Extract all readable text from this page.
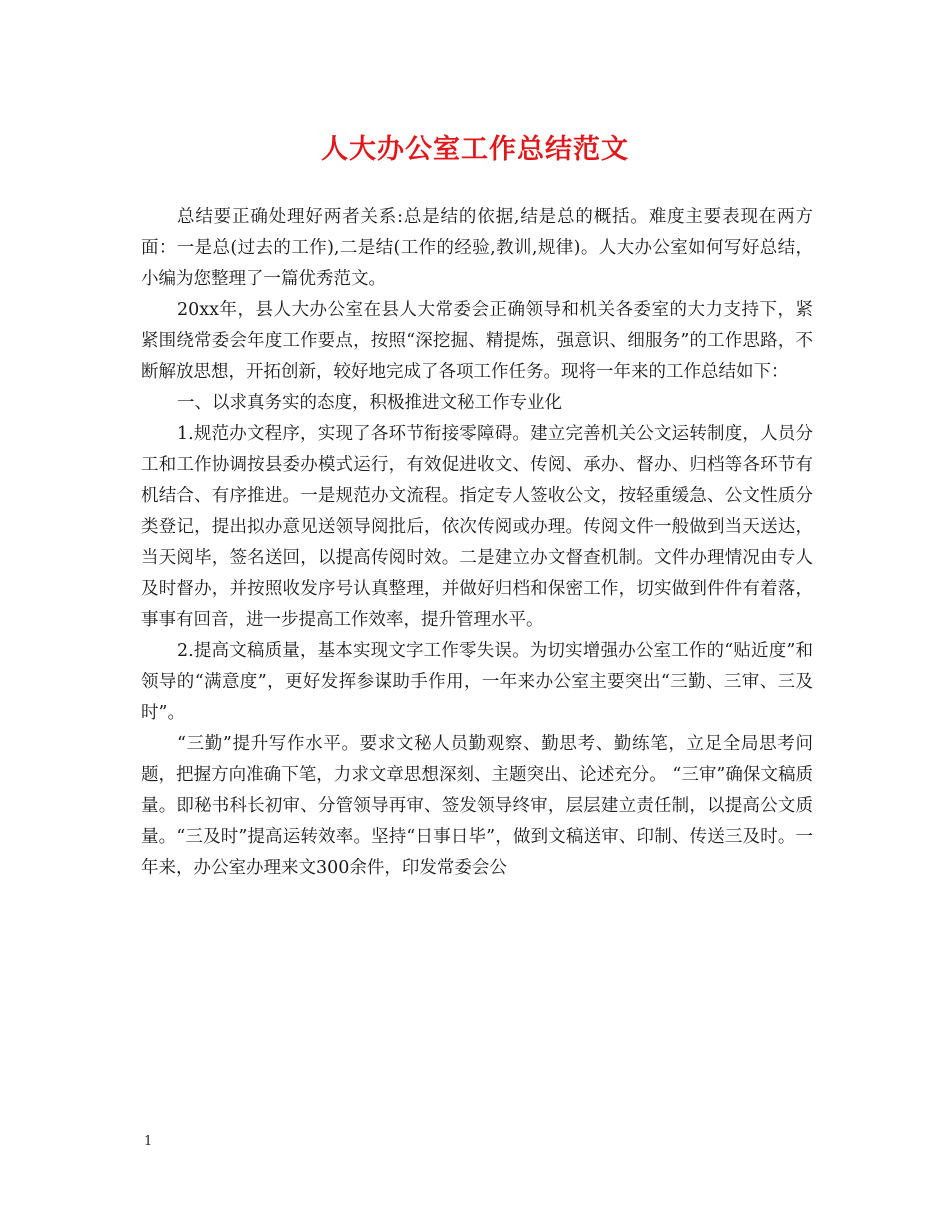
人大办公室工作总结范文

总结要正确处理好两者关系:总是结的依据,结是总的概括。难度主要表现在两方面：一是总(过去的工作),二是结(工作的经验,教训,规律)。人大办公室如何写好总结，小编为您整理了一篇优秀范文。

20xx年，县人大办公室在县人大常委会正确领导和机关各委室的大力支持下，紧紧围绕常委会年度工作要点，按照“深挖掘、精提炼，强意识、细服务”的工作思路，不断解放思想，开拓创新，较好地完成了各项工作任务。现将一年来的工作总结如下：

一、以求真务实的态度，积极推进文秘工作专业化

1.规范办文程序，实现了各环节衔接零障碍。建立完善机关公文运转制度，人员分工和工作协调按县委办模式运行，有效促进收文、传阅、承办、督办、归档等各环节有机结合、有序推进。一是规范办文流程。指定专人签收公文，按轻重缓急、公文性质分类登记，提出拟办意见送领导阅批后，依次传阅或办理。传阅文件一般做到当天送达，当天阅毕，签名送回，以提高传阅时效。二是建立办文督查机制。文件办理情况由专人及时督办，并按照收发序号认真整理，并做好归档和保密工作，切实做到件件有着落，事事有回音，进一步提高工作效率，提升管理水平。

2.提高文稿质量，基本实现文字工作零失误。为切实增强办公室工作的“贴近度”和领导的“满意度”，更好发挥参谋助手作用，一年来办公室主要突出“三勤、三审、三及时”。

“三勤”提升写作水平。要求文秘人员勤观察、勤思考、勤练笔，立足全局思考问题，把握方向准确下笔，力求文章思想深刻、主题突出、论述充分。 “三审”确保文稿质量。即秘书科长初审、分管领导再审、签发领导终审，层层建立责任制，以提高公文质量。“三及时”提高运转效率。坚持“日事日毕”，做到文稿送审、印制、传送三及时。一年来，办公室办理来文300余件，印发常委会公

1
